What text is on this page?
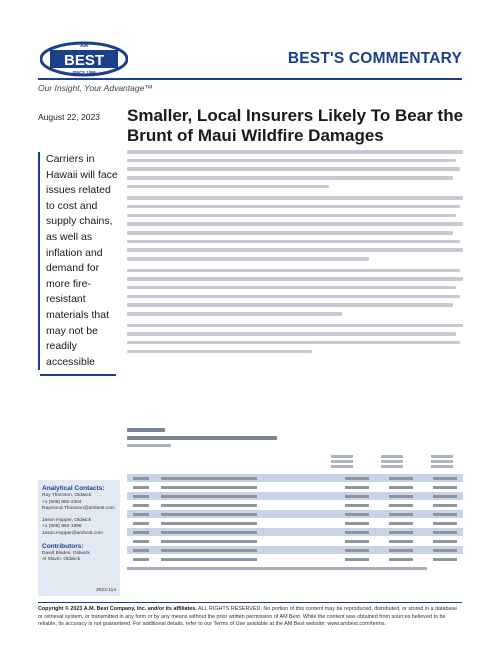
AM
BEST
SINCE 1899
BEST'S COMMENTARY
Our Insight, Your Advantage™
August 22, 2023 Smaller, Local Insurers Likely To Bear the Brunt of Maui Wildfire Damages
Carriers in Hawaii will face issues related to cost and supply chains, as well as inflation and demand for more fire-resistant materials that may not be readily accessible
Analytical Contacts:
Ray Thomson, Oldwick
+1 (908) 882-2304
Raymond.Thomson@ambest.com
Jason Hopper, Oldwick
+1 (908) 882-1896
Jason.Hopper@ambest.com
Contributors:
David Blades, Oldwick
Al Slavin, Oldwick
2023-114
Copyright © 2023 A.M. Best Company, Inc. and/or its affiliates. ALL RIGHTS RESERVED. No portion of this content may be reproduced, distributed, or stored in a database or retrieval system, or transmitted in any form or by any means without the prior written permission of AM Best. While the content was obtained from sources believed to be reliable, its accuracy is not guaranteed. For additional details, refer to our Terms of Use available at the AM Best website: www.ambest.com/terms.
